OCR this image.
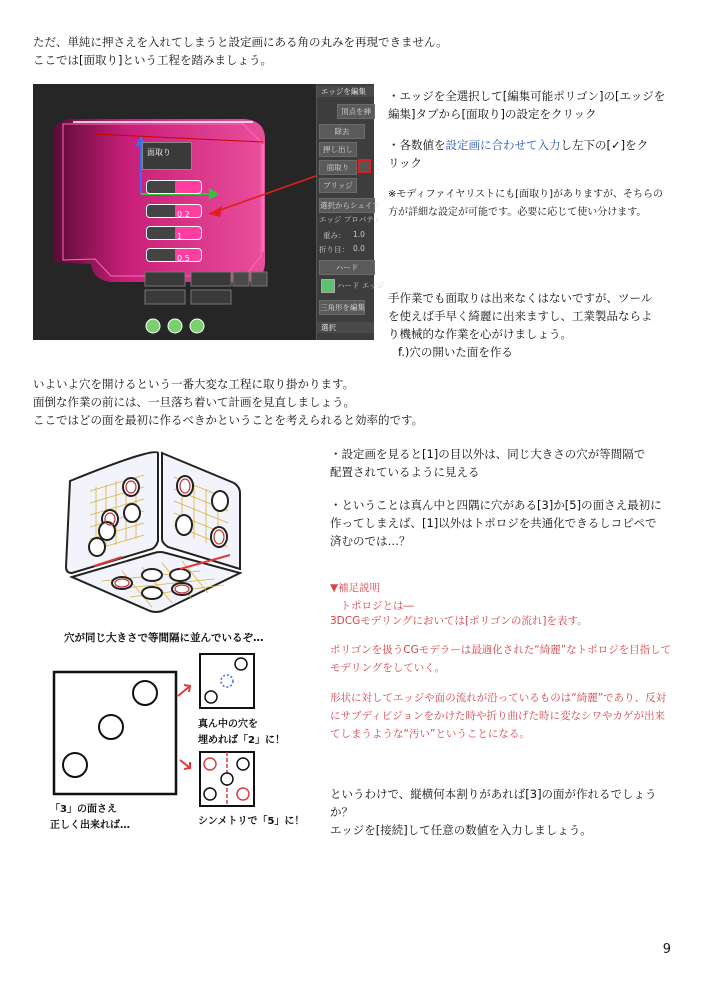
ただ、単純に押さえを入れてしまうと設定画にある角の丸みを再現できません。
ここでは[面取り]という工程を踏みましょう。
面取り
0.2
1
0.5
エッジを編集
頂点を挿
除去
押し出し
面取り
ブリッジ
選択からシェイフ
エッジ プロパティ
重み： 1.0
折り目： 0.0
ハード
ハード エッジ
三角形を編集
選択
・エッジを全選択して[編集可能ポリゴン]の[エッジを
編集]タブから[面取り]の設定をクリック
・各数値を設定画に合わせて入力し左下の[✓]をク
リック
※モディファイヤリストにも[面取り]がありますが、そちらの
方が詳細な設定が可能です。必要に応じて使い分けます。
手作業でも面取りは出来なくはないですが、ツール
を使えば手早く綺麗に出来ますし、工業製品ならよ
り機械的な作業を心がけましょう。
f.)穴の開いた面を作る
いよいよ穴を開けるという一番大変な工程に取り掛かります。
面倒な作業の前には、一旦落ち着いて計画を見直しましょう。
ここではどの面を最初に作るべきかということを考えられると効率的です。
・設定画を見ると[1]の目以外は、同じ大きさの穴が等間隔で
配置されているように見える
・ということは真ん中と四隅に穴がある[3]か[5]の面さえ最初に
作ってしまえば、[1]以外はトポロジを共通化できるしコピペで
済むのでは…？
▼補足説明
　トポロジとは―
3DCGモデリングにおいては[ポリゴンの流れ]を表す。
ポリゴンを扱うCGモデラーは最適化された“綺麗”なトポロジを目指して
モデリングをしていく。
形状に対してエッジや面の流れが沿っているものは“綺麗”であり、反対
にサブディビジョンをかけた時や折り曲げた時に変なシワやカゲが出来
てしまうような“汚い”ということになる。
穴が同じ大きさで等間隔に並んでいるぞ…
真ん中の穴を
埋めれば「2」に！
「3」の面さえ
正しく出来れば…	シンメトリで「5」に！
というわけで、縦横何本割りがあれば[3]の面が作れるでしょう
か？
エッジを[接続]して任意の数値を入力しましょう。
9
